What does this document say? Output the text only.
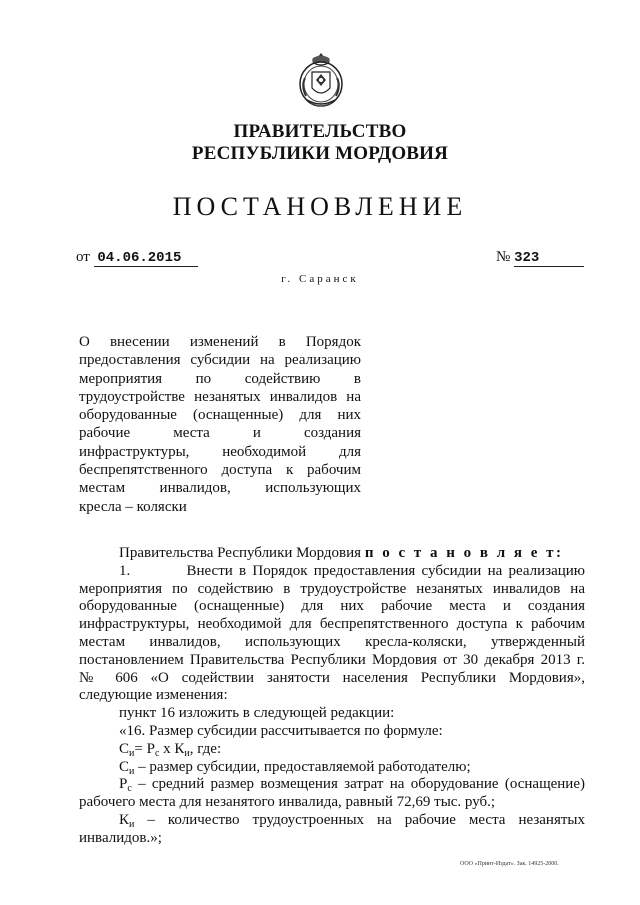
ПРАВИТЕЛЬСТВО
РЕСПУБЛИКИ МОРДОВИЯ
ПОСТАНОВЛЕНИЕ
от 04.06.2015	№ 323
г. Саранск
О внесении изменений в Порядок
предоставления субсидии на реализацию
мероприятия по содействию в
трудоустройстве незанятых инвалидов на
оборудованные (оснащенные) для них
рабочие места и создания
инфраструктуры, необходимой для
беспрепятственного доступа к рабочим
местам инвалидов, использующих
кресла – коляски
Правительства Республики Мордовия п о с т а н о в л я е т:
1.         Внести в Порядок предоставления субсидии на реализацию
мероприятия по содействию в трудоустройстве незанятых инвалидов на
оборудованные (оснащенные) для них рабочие места и создания
инфраструктуры, необходимой для беспрепятственного доступа к рабочим
местам инвалидов, использующих кресла-коляски, утвержденный
постановлением Правительства Республики Мордовия от 30 декабря 2013 г.
№ 606 «О содействии занятости населения Республики Мордовия»,
следующие изменения:
пункт 16 изложить в следующей редакции:
«16. Размер субсидии рассчитывается по формуле:
$С_и= Р_с$ х $К_и$, где:
$С_и$ – размер субсидии, предоставляемой работодателю;
$Р_с$ – средний размер возмещения затрат на оборудование (оснащение)
рабочего места для незанятого инвалида, равный 72,69 тыс. руб.;
$К_и$ – количество трудоустроенных на рабочие места незанятых
инвалидов.»;
ООО «Принт-Издат». Зак. 14925-2000.
